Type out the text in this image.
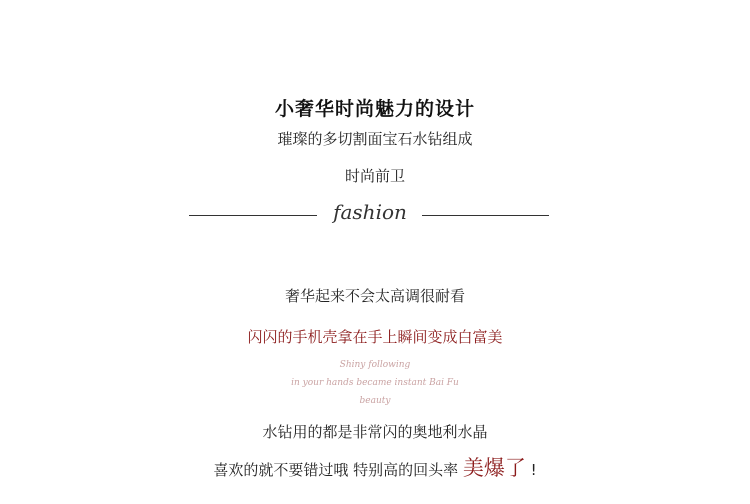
小奢华时尚魅力的设计
璀璨的多切割面宝石水钻组成
时尚前卫
fashion
奢华起来不会太高调很耐看
闪闪的手机壳拿在手上瞬间变成白富美
Shiny following
in your hands became instant Bai Fu
beauty
水钻用的都是非常闪的奥地利水晶
喜欢的就不要错过哦 特别高的回头率 美爆了 !
